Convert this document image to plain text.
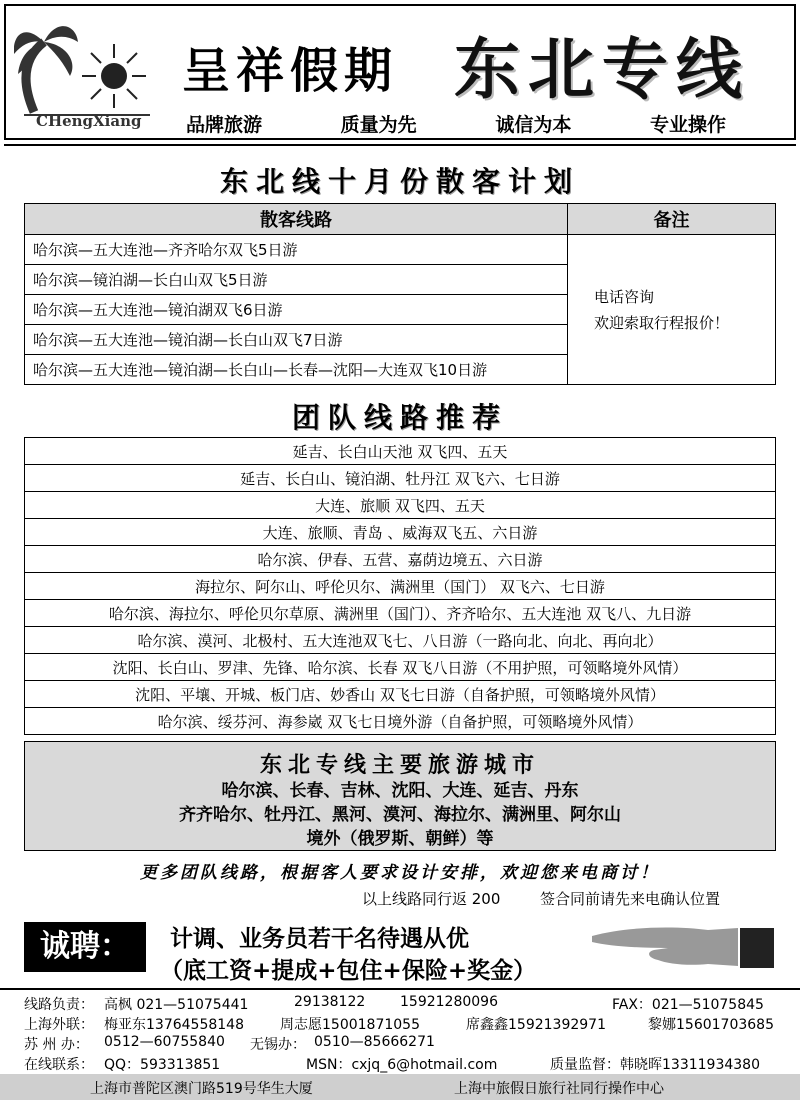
CHengXiang
呈祥假期 东北专线
品牌旅游	质量为先	诚信为本	专业操作
东北线十月份散客计划
散客线路	备注
哈尔滨—五大连池—齐齐哈尔双飞5日游	电话咨询
欢迎索取行程报价！

哈尔滨—镜泊湖—长白山双飞5日游	
哈尔滨—五大连池—镜泊湖双飞6日游	
哈尔滨—五大连池—镜泊湖—长白山双飞7日游	
哈尔滨—五大连池—镜泊湖—长白山—长春—沈阳—大连双飞10日游	
团队线路推荐
延吉、长白山天池 双飞四、五天
延吉、长白山、镜泊湖、牡丹江 双飞六、七日游
大连、旅顺 双飞四、五天
大连、旅顺、青岛 、威海双飞五、六日游
哈尔滨、伊春、五营、嘉荫边境五、六日游
海拉尔、阿尔山、呼伦贝尔、满洲里（国门） 双飞六、七日游
哈尔滨、海拉尔、呼伦贝尔草原、满洲里（国门）、齐齐哈尔、五大连池 双飞八、九日游
哈尔滨、漠河、北极村、五大连池双飞七、八日游（一路向北、向北、再向北）
沈阳、长白山、罗津、先锋、哈尔滨、长春 双飞八日游（不用护照，可领略境外风情）
沈阳、平壤、开城、板门店、妙香山 双飞七日游（自备护照，可领略境外风情）
哈尔滨、绥芬河、海参崴 双飞七日境外游（自备护照，可领略境外风情）
东北专线主要旅游城市
哈尔滨、长春、吉林、沈阳、大连、延吉、丹东
齐齐哈尔、牡丹江、黑河、漠河、海拉尔、满洲里、阿尔山
境外（俄罗斯、朝鲜）等
更多团队线路，根据客人要求设计安排，欢迎您来电商讨！
以上线路同行返 200	签合同前请先来电确认位置
诚聘：	计调、业务员若干名待遇从优
（底工资+提成+包住+保险+奖金）
线路负责： 高枫 021—51075441	29138122 15921280096	FAX：021—51075845
上海外联： 梅亚东13764558148	周志愿15001871055	席鑫鑫15921392971	黎娜15601703685
苏 州 办： 0512—60755840 无锡办： 0510—85666271
在线联系： QQ：593313851	MSN：cxjq_6@hotmail.com	质量监督：韩晓晖13311934380
上海市普陀区澳门路519号华生大厦	上海中旅假日旅行社同行操作中心
